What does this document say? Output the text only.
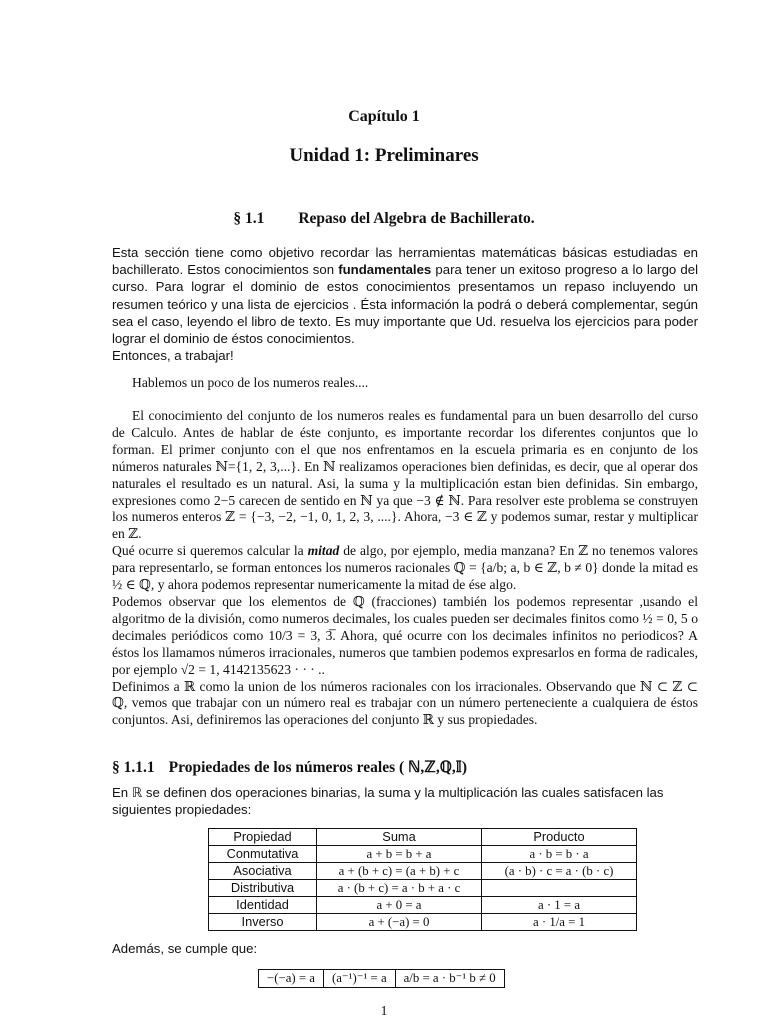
Capítulo 1
Unidad 1: Preliminares
§ 1.1 Repaso del Algebra de Bachillerato.

Esta sección tiene como objetivo recordar las herramientas matemáticas básicas estudiadas en bachillerato. Estos conocimientos son fundamentales para tener un exitoso progreso a lo largo del curso. Para lograr el dominio de estos conocimientos presentamos un repaso incluyendo un resumen teórico y una lista de ejercicios . Ésta información la podrá o deberá complementar, según sea el caso, leyendo el libro de texto. Es muy importante que Ud. resuelva los ejercicios para poder lograr el dominio de éstos conocimientos.

Entonces, a trabajar!

Hablemos un poco de los numeros reales....

El conocimiento del conjunto de los numeros reales es fundamental para un buen desarrollo del curso de Calculo. Antes de hablar de éste conjunto, es importante recordar los diferentes conjuntos que lo forman. El primer conjunto con el que nos enfrentamos en la escuela primaria es en conjunto de los números naturales ℕ={1, 2, 3,...}. En ℕ realizamos operaciones bien definidas, es decir, que al operar dos naturales el resultado es un natural. Asi, la suma y la multiplicación estan bien definidas. Sin embargo, expresiones como 2−5 carecen de sentido en ℕ ya que −3 ∉ ℕ. Para resolver este problema se construyen los numeros enteros ℤ = {−3, −2, −1, 0, 1, 2, 3, ....}. Ahora, −3 ∈ ℤ y podemos sumar, restar y multiplicar en ℤ.

Qué ocurre si queremos calcular la mitad de algo, por ejemplo, media manzana? En ℤ no tenemos valores para representarlo, se forman entonces los numeros racionales ℚ = {a/b; a, b ∈ ℤ, b ≠ 0} donde la mitad es ½ ∈ ℚ, y ahora podemos representar numericamente la mitad de ése algo.

Podemos observar que los elementos de ℚ (fracciones) también los podemos representar ,usando el algoritmo de la división, como numeros decimales, los cuales pueden ser decimales finitos como ½ = 0, 5 o decimales periódicos como 10/3 = 3, 3̅. Ahora, qué ocurre con los decimales infinitos no periodicos? A éstos los llamamos números irracionales, numeros que tambien podemos expresarlos en forma de radicales, por ejemplo √2 = 1, 4142135623 · · · ..

Definimos a ℝ como la union de los números racionales con los irracionales. Observando que ℕ ⊂ ℤ ⊂ ℚ, vemos que trabajar con un número real es trabajar con un número perteneciente a cualquiera de éstos conjuntos. Asi, definiremos las operaciones del conjunto ℝ y sus propiedades.

§ 1.1.1 Propiedades de los números reales ( ℕ,ℤ,ℚ,𝕀)
En ℝ se definen dos operaciones binarias, la suma y la multiplicación las cuales satisfacen las siguientes propiedades:
Propiedad	Suma	Producto
Conmutativa	a + b = b + a	a · b = b · a
Asociativa	a + (b + c) = (a + b) + c	(a · b) · c = a · (b · c)
Distributiva	a · (b + c) = a · b + a · c	
Identidad	a + 0 = a	a · 1 = a
Inverso	a + (−a) = 0	a · 1/a = 1
Además, se cumple que:
−(−a) = a	(a⁻¹)⁻¹ = a	a/b = a · b⁻¹ b ≠ 0
1
